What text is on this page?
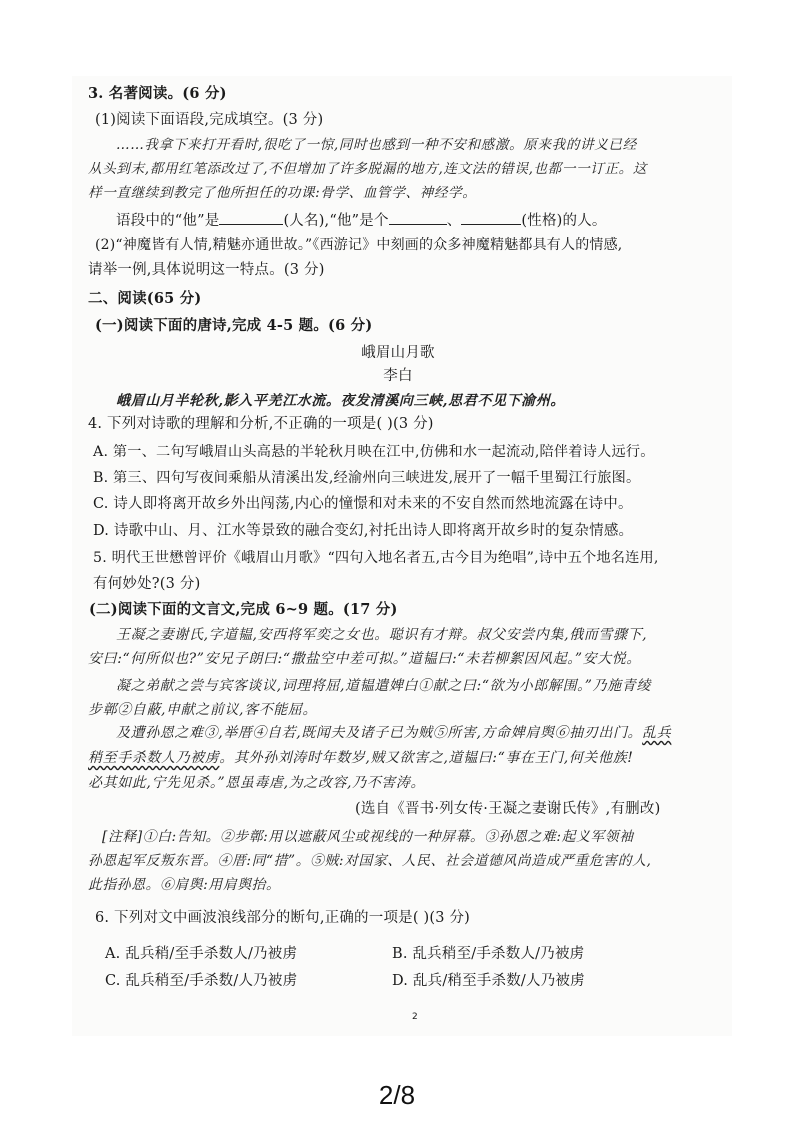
3. 名著阅读。(6 分)
(1)阅读下面语段,完成填空。(3 分)
……我拿下来打开看时,很吃了一惊,同时也感到一种不安和感激。原来我的讲义已经
从头到末,都用红笔添改过了,不但增加了许多脱漏的地方,连文法的错误,也都一一订正。这
样一直继续到教完了他所担任的功课:骨学、血管学、神经学。
语段中的“他”是	(人名),“他”是个	、	(性格)的人。
(2)“神魔皆有人情,精魅亦通世故。”《西游记》中刻画的众多神魔精魅都具有人的情感,
请举一例,具体说明这一特点。(3 分)
二、阅读(65 分)
(一)阅读下面的唐诗,完成 4-5 题。(6 分)
峨眉山月歌
李白
峨眉山月半轮秋,影入平羌江水流。夜发清溪向三峡,思君不见下渝州。
4. 下列对诗歌的理解和分析,不正确的一项是( )(3 分)
A. 第一、二句写峨眉山头高悬的半轮秋月映在江中,仿佛和水一起流动,陪伴着诗人远行。
B. 第三、四句写夜间乘船从清溪出发,经渝州向三峡进发,展开了一幅千里蜀江行旅图。
C. 诗人即将离开故乡外出闯荡,内心的憧憬和对未来的不安自然而然地流露在诗中。
D. 诗歌中山、月、江水等景致的融合变幻,衬托出诗人即将离开故乡时的复杂情感。
5. 明代王世懋曾评价《峨眉山月歌》“四句入地名者五,古今目为绝唱”,诗中五个地名连用,
有何妙处?(3 分)
(二)阅读下面的文言文,完成 6~9 题。(17 分)
王凝之妻谢氏,字道韫,安西将军奕之女也。聪识有才辩。叔父安尝内集,俄而雪骤下,
安曰:“何所似也?”安兄子朗曰:“撒盐空中差可拟。”道韫曰:“未若柳絮因风起。”安大悦。
凝之弟献之尝与宾客谈议,词理将屈,道韫遣婢白①献之曰:“欲为小郎解围。”乃施青绫
步鄣②自蔽,申献之前议,客不能屈。
及遭孙恩之难③,举厝④自若,既闻夫及诸子已为贼⑤所害,方命婢肩舆⑥抽刃出门。乱兵
稍至手杀数人乃被虏。其外孙刘涛时年数岁,贼又欲害之,道韫曰:“事在王门,何关他族!
必其如此,宁先见杀。”恩虽毒虐,为之改容,乃不害涛。
(选自《晋书·列女传·王凝之妻谢氏传》,有删改)
[注释]①白:告知。②步鄣:用以遮蔽风尘或视线的一种屏幕。③孙恩之难:起义军领袖
孙恩起军反叛东晋。④厝:同“措”。⑤贼:对国家、人民、社会道德风尚造成严重危害的人,
此指孙恩。⑥肩舆:用肩舆抬。
6. 下列对文中画波浪线部分的断句,正确的一项是( )(3 分)
A. 乱兵稍/至手杀数人/乃被虏	B. 乱兵稍至/手杀数人/乃被虏
C. 乱兵稍至/手杀数/人乃被虏	D. 乱兵/稍至手杀数/人乃被虏
2
2/8
